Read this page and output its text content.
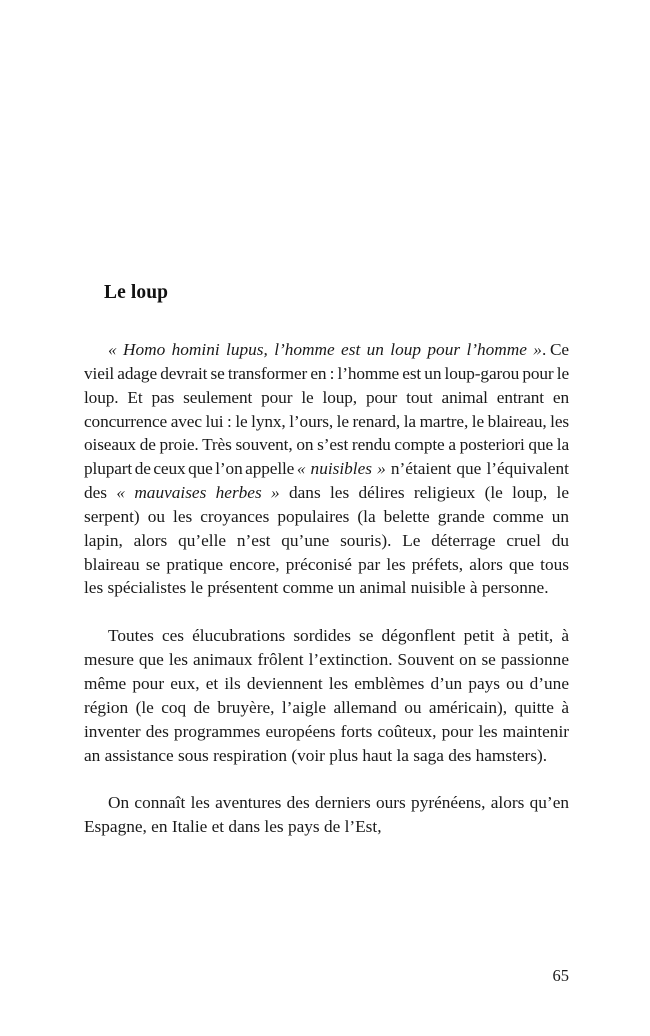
Le loup

« Homo homini lupus, l’homme est un loup pour l’homme ». Ce vieil adage devrait se transformer en : l’homme est un loup-garou pour le loup. Et pas seulement pour le loup, pour tout animal entrant en concurrence avec lui : le lynx, l’ours, le renard, la martre, le blaireau, les oiseaux de proie. Très souvent, on s’est rendu compte a posteriori que la plupart de ceux que l’on appelle « nuisibles » n’étaient que l’équivalent des « mauvaises herbes » dans les délires religieux (le loup, le serpent) ou les croyances populaires (la belette grande comme un lapin, alors qu’elle n’est qu’une souris). Le déterrage cruel du blaireau se pratique encore, préconisé par les préfets, alors que tous les spécialistes le présentent comme un animal nuisible à personne.

Toutes ces élucubrations sordides se dégonflent petit à petit, à mesure que les animaux frôlent l’extinction. Souvent on se passionne même pour eux, et ils deviennent les emblèmes d’un pays ou d’une région (le coq de bruyère, l’aigle allemand ou américain), quitte à inventer des programmes européens forts coûteux, pour les maintenir an assistance sous respiration (voir plus haut la saga des hamsters).

On connaît les aventures des derniers ours pyrénéens, alors qu’en Espagne, en Italie et dans les pays de l’Est,

65
